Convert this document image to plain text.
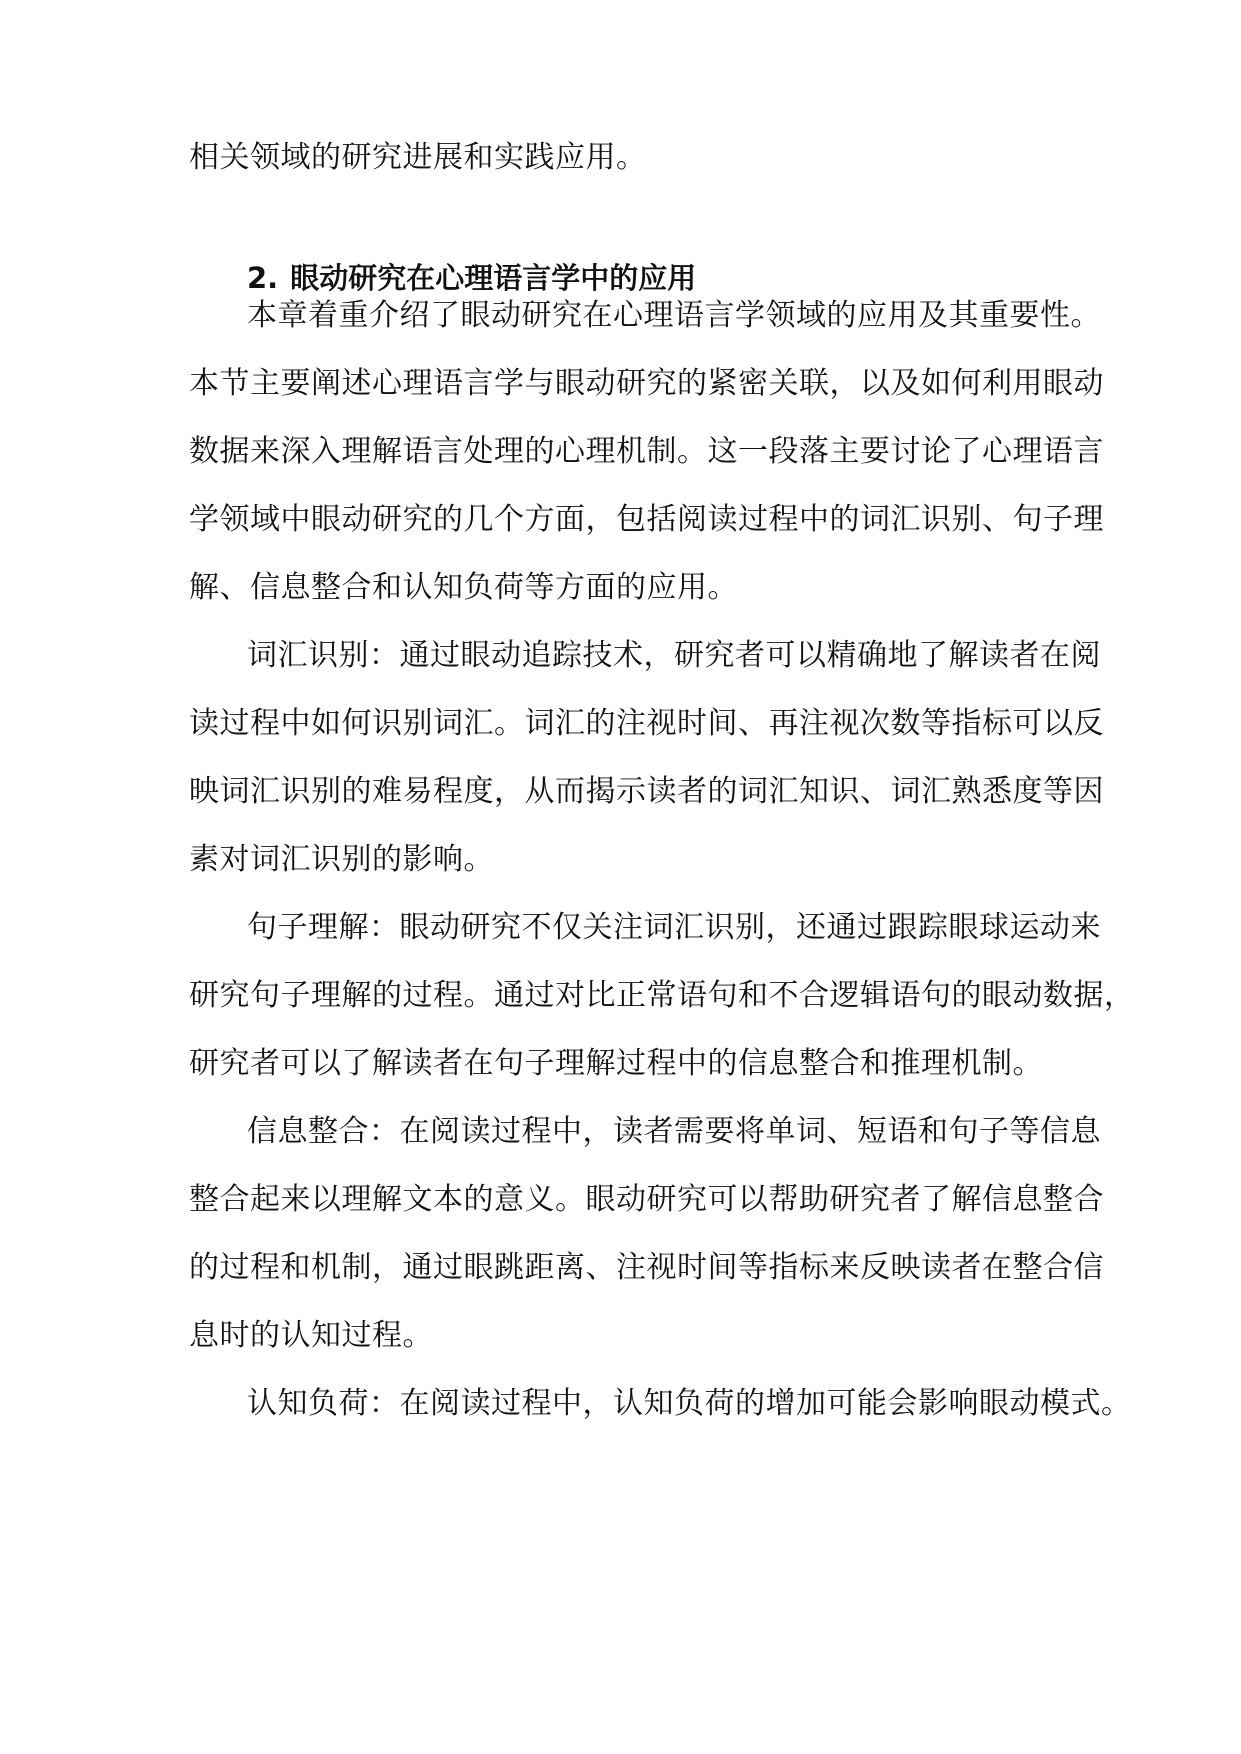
相关领域的研究进展和实践应用。
2. 眼动研究在心理语言学中的应用
本章着重介绍了眼动研究在心理语言学领域的应用及其重要性。
本节主要阐述心理语言学与眼动研究的紧密关联，以及如何利用眼动
数据来深入理解语言处理的心理机制。这一段落主要讨论了心理语言
学领域中眼动研究的几个方面，包括阅读过程中的词汇识别、句子理
解、信息整合和认知负荷等方面的应用。
词汇识别：通过眼动追踪技术，研究者可以精确地了解读者在阅
读过程中如何识别词汇。词汇的注视时间、再注视次数等指标可以反
映词汇识别的难易程度，从而揭示读者的词汇知识、词汇熟悉度等因
素对词汇识别的影响。
句子理解：眼动研究不仅关注词汇识别，还通过跟踪眼球运动来
研究句子理解的过程。通过对比正常语句和不合逻辑语句的眼动数据，
研究者可以了解读者在句子理解过程中的信息整合和推理机制。
信息整合：在阅读过程中，读者需要将单词、短语和句子等信息
整合起来以理解文本的意义。眼动研究可以帮助研究者了解信息整合
的过程和机制，通过眼跳距离、注视时间等指标来反映读者在整合信
息时的认知过程。
认知负荷：在阅读过程中，认知负荷的增加可能会影响眼动模式。
